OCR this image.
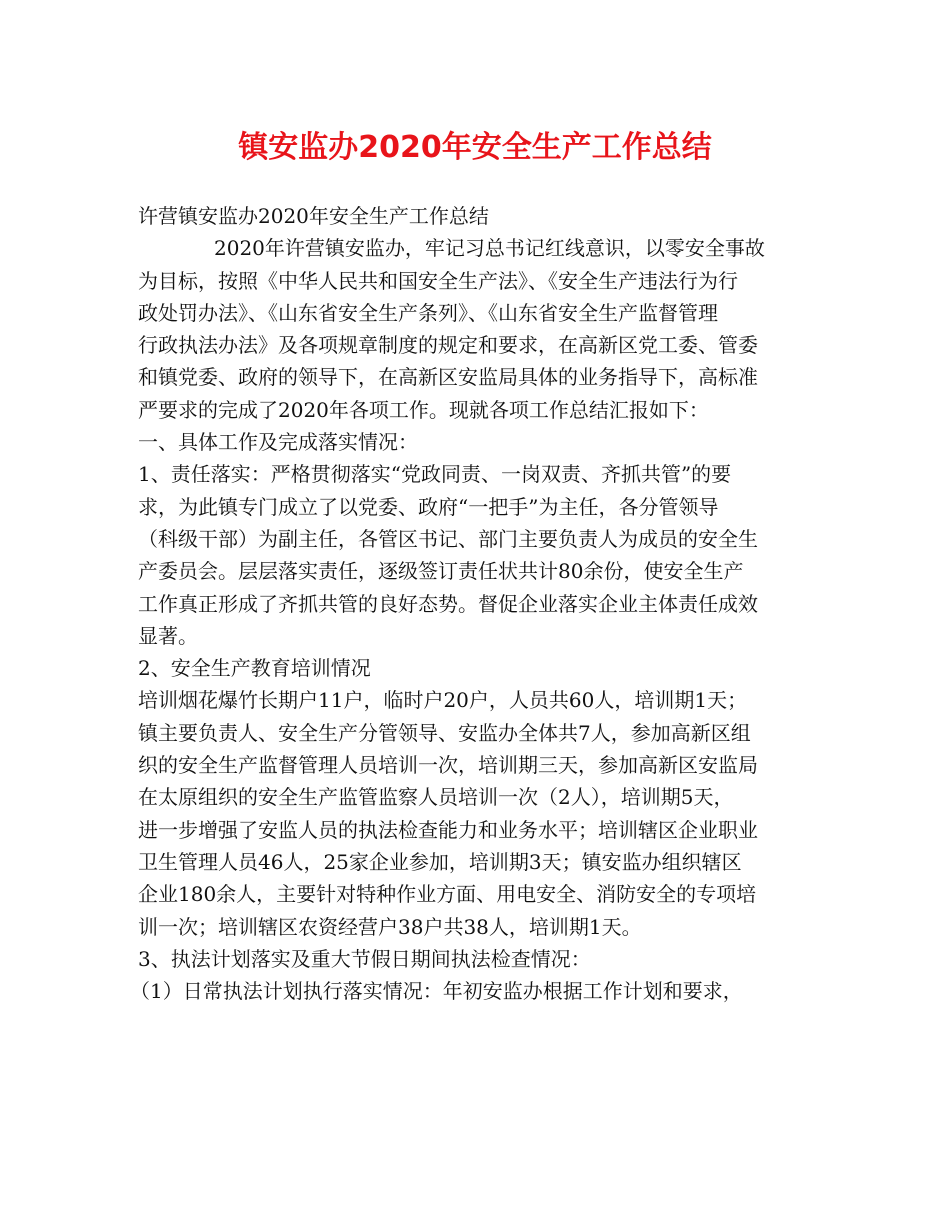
镇安监办2020年安全生产工作总结
许营镇安监办2020年安全生产工作总结
2020年许营镇安监办，牢记习总书记红线意识，以零安全事故
为目标，按照《中华人民共和国安全生产法》、《安全生产违法行为行
政处罚办法》、《山东省安全生产条列》、《山东省安全生产监督管理
行政执法办法》及各项规章制度的规定和要求，在高新区党工委、管委
和镇党委、政府的领导下，在高新区安监局具体的业务指导下，高标准
严要求的完成了2020年各项工作。现就各项工作总结汇报如下：
一、具体工作及完成落实情况：
1、责任落实：严格贯彻落实“党政同责、一岗双责、齐抓共管”的要
求，为此镇专门成立了以党委、政府“一把手”为主任，各分管领导
（科级干部）为副主任，各管区书记、部门主要负责人为成员的安全生
产委员会。层层落实责任，逐级签订责任状共计80余份，使安全生产
工作真正形成了齐抓共管的良好态势。督促企业落实企业主体责任成效
显著。
2、安全生产教育培训情况
培训烟花爆竹长期户11户，临时户20户，人员共60人，培训期1天；
镇主要负责人、安全生产分管领导、安监办全体共7人，参加高新区组
织的安全生产监督管理人员培训一次，培训期三天，参加高新区安监局
在太原组织的安全生产监管监察人员培训一次（2人），培训期5天，
进一步增强了安监人员的执法检查能力和业务水平；培训辖区企业职业
卫生管理人员46人，25家企业参加，培训期3天；镇安监办组织辖区
企业180余人，主要针对特种作业方面、用电安全、消防安全的专项培
训一次；培训辖区农资经营户38户共38人，培训期1天。
3、执法计划落实及重大节假日期间执法检查情况：
（1）日常执法计划执行落实情况：年初安监办根据工作计划和要求，
